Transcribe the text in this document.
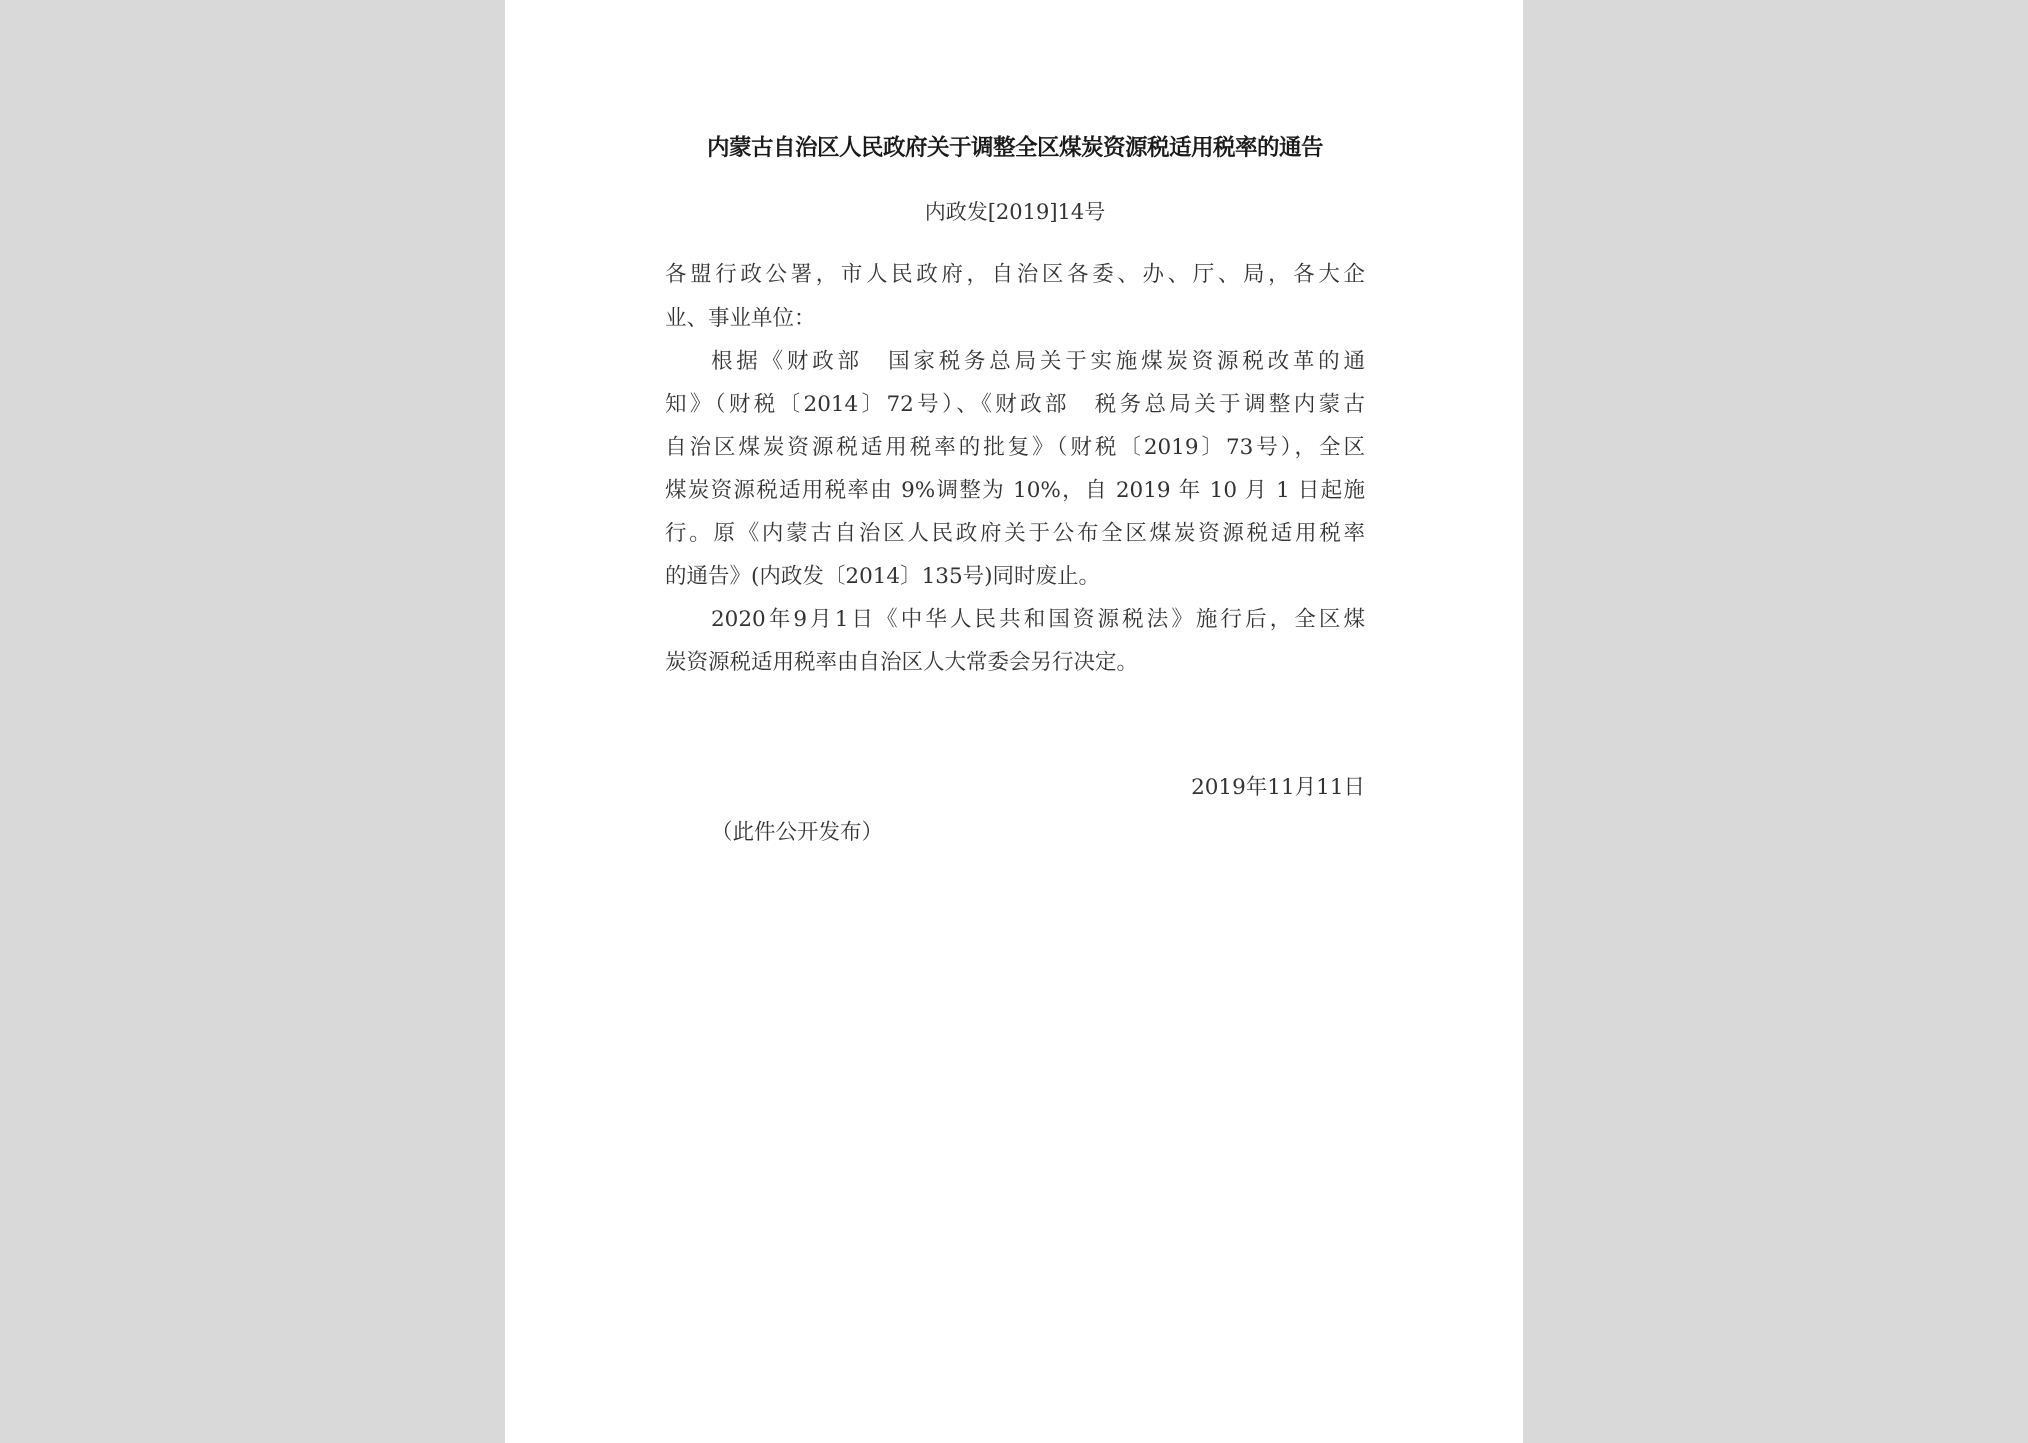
内蒙古自治区人民政府关于调整全区煤炭资源税适用税率的通告
内政发[2019]14号
各盟行政公署，市人民政府，自治区各委、办、厅、局，各大企
业、事业单位：
根据《财政部　国家税务总局关于实施煤炭资源税改革的通
知》（财税〔2014〕72号）、《财政部　税务总局关于调整内蒙古
自治区煤炭资源税适用税率的批复》（财税〔2019〕73号），全区
煤炭资源税适用税率由 9%调整为 10%，自 2019 年 10 月 1 日起施
行。原《内蒙古自治区人民政府关于公布全区煤炭资源税适用税率
的通告》(内政发〔2014〕135号)同时废止。
2020年9月1日《中华人民共和国资源税法》施行后，全区煤
炭资源税适用税率由自治区人大常委会另行决定。
2019年11月11日
（此件公开发布）
